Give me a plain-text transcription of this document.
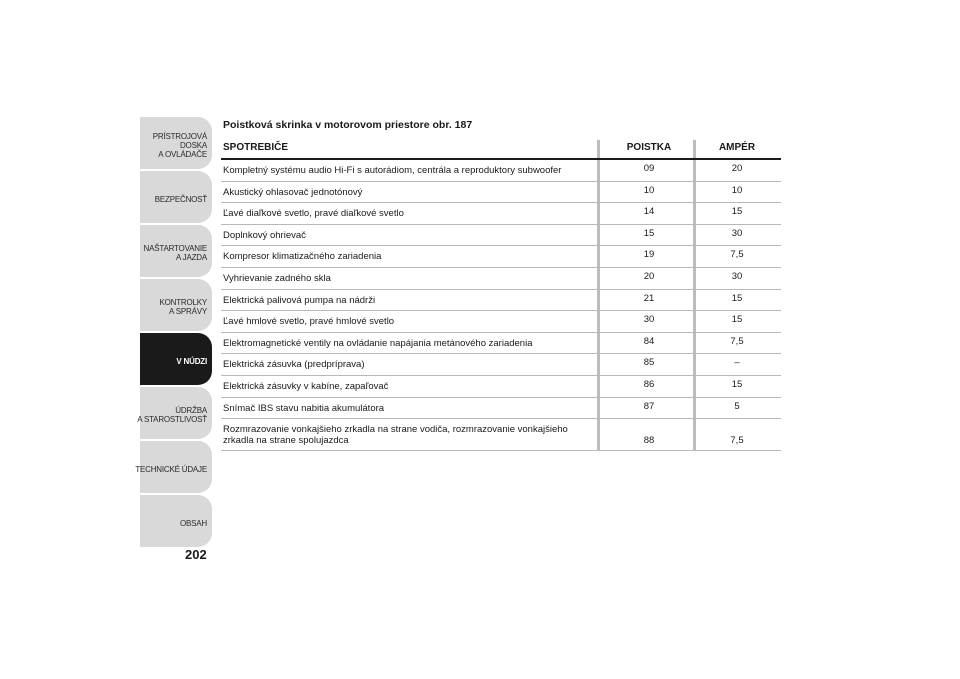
PRÍSTROJOVÁ
DOSKA
A OVLÁDAČE
BEZPEČNOSŤ
NAŠTARTOVANIE
A JAZDA
KONTROLKY
A SPRÁVY
V NÚDZI
ÚDRŽBA
A STAROSTLIVOSŤ
TECHNICKÉ ÚDAJE
OBSAH
202
Poistková skrinka v motorovom priestore obr. 187
SPOTREBIČE	POISTKA	AMPÉR
Kompletný systému audio Hi-Fi s autorádiom, centrála a reproduktory subwoofer	09	20
Akustický ohlasovač jednotónový	10	10
Ľavé diaľkové svetlo, pravé diaľkové svetlo	14	15
Doplnkový ohrievač	15	30
Kompresor klimatizačného zariadenia	19	7,5
Vyhrievanie zadného skla	20	30
Elektrická palivová pumpa na nádrži	21	15
Ľavé hmlové svetlo, pravé hmlové svetlo	30	15
Elektromagnetické ventily na ovládanie napájania metánového zariadenia	84	7,5
Elektrická zásuvka (predpríprava)	85	–
Elektrická zásuvky v kabíne, zapaľovač	86	15
Snímač IBS stavu nabitia akumulátora	87	5
Rozmrazovanie vonkajšieho zrkadla na strane vodiča, rozmrazovanie vonkajšieho zrkadla na strane spolujazdca	88	7,5
